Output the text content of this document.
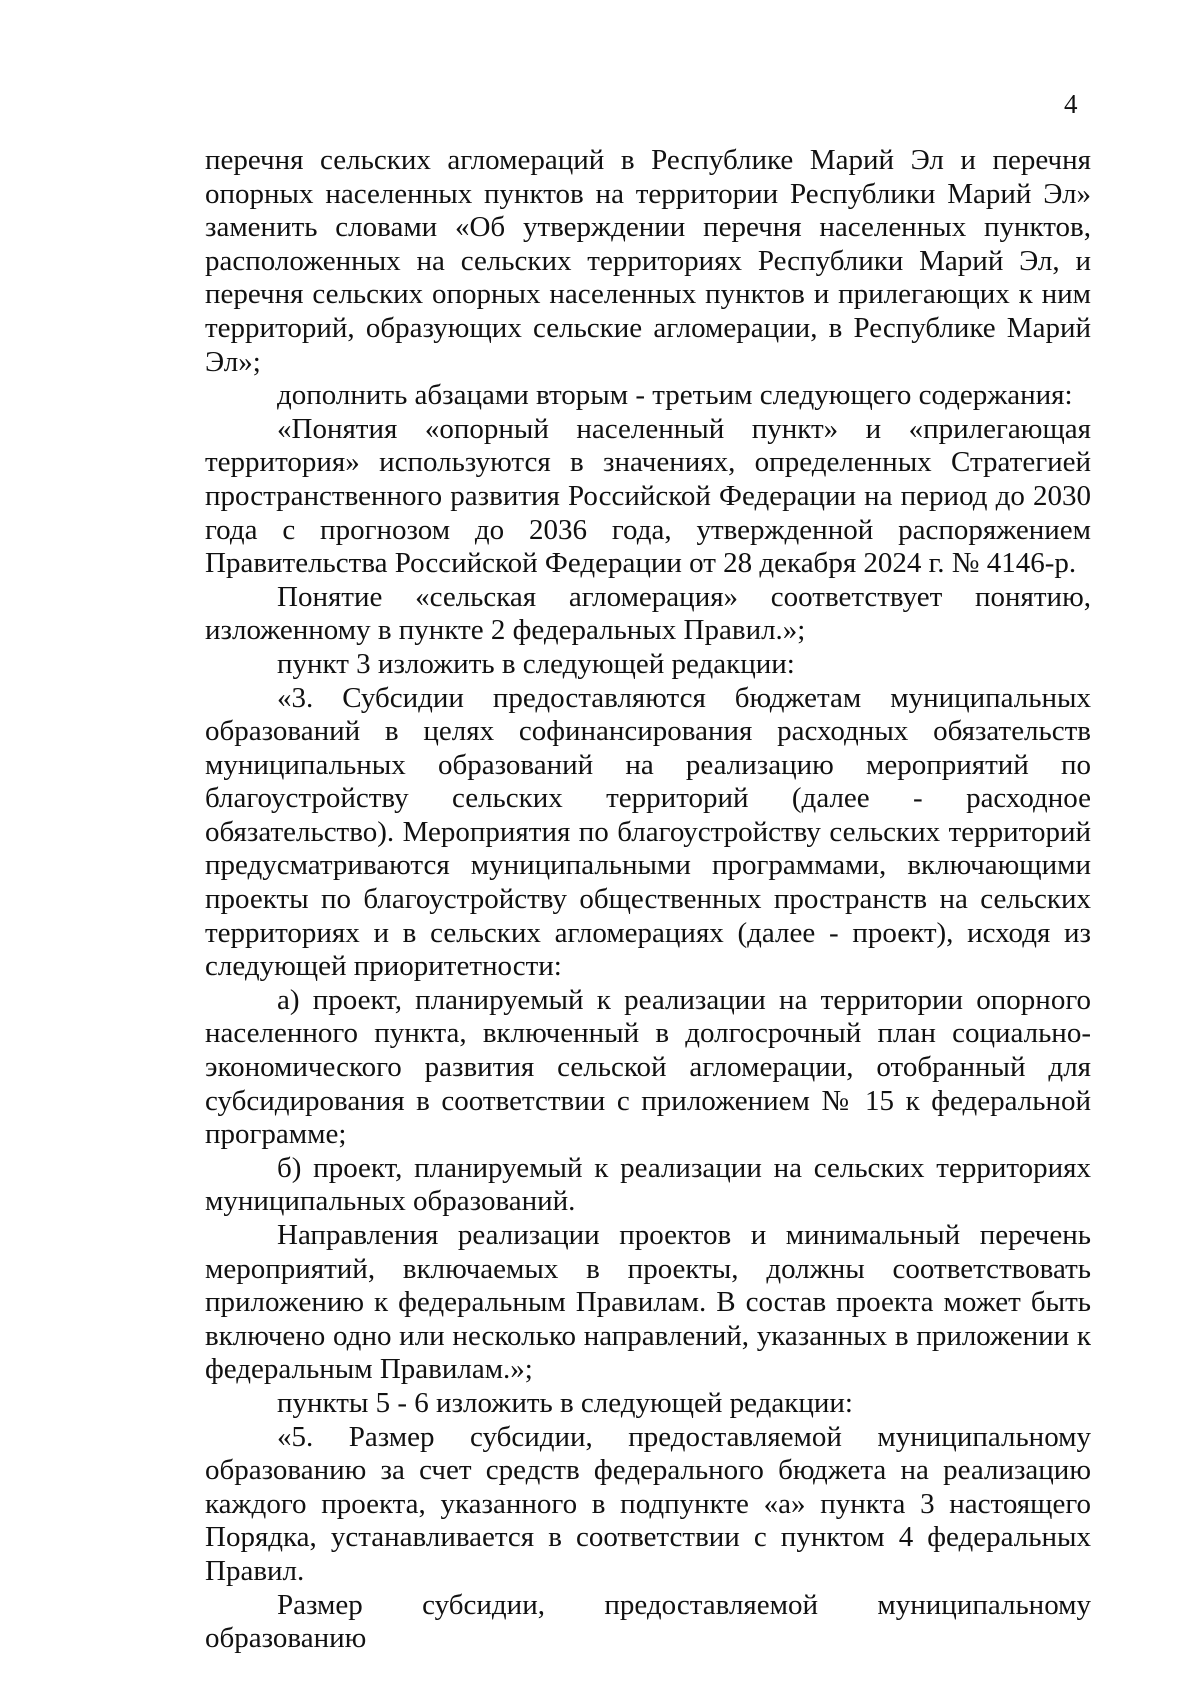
4

перечня сельских агломераций в Республике Марий Эл и перечня опорных населенных пунктов на территории Республики Марий Эл» заменить словами «Об утверждении перечня населенных пунктов, расположенных на сельских территориях Республики Марий Эл, и перечня сельских опорных населенных пунктов и прилегающих к ним территорий, образующих сельские агломерации, в Республике Марий Эл»;

дополнить абзацами вторым - третьим следующего содержания:

«Понятия «опорный населенный пункт» и «прилегающая территория» используются в значениях, определенных Стратегией пространственного развития Российской Федерации на период до 2030 года с прогнозом до 2036 года, утвержденной распоряжением Правительства Российской Федерации от 28 декабря 2024 г. № 4146-р.

Понятие «сельская агломерация» соответствует понятию, изложенному в пункте 2 федеральных Правил.»;

пункт 3 изложить в следующей редакции:

«3. Субсидии предоставляются бюджетам муниципальных образований в целях софинансирования расходных обязательств муниципальных образований на реализацию мероприятий по благоустройству сельских территорий (далее - расходное обязательство). Мероприятия по благоустройству сельских территорий предусматриваются муниципальными программами, включающими проекты по благоустройству общественных пространств на сельских территориях и в сельских агломерациях (далее - проект), исходя из следующей приоритетности:

а) проект, планируемый к реализации на территории опорного населенного пункта, включенный в долгосрочный план социально-экономического развития сельской агломерации, отобранный для субсидирования в соответствии с приложением № 15 к федеральной программе;

б) проект, планируемый к реализации на сельских территориях муниципальных образований.

Направления реализации проектов и минимальный перечень мероприятий, включаемых в проекты, должны соответствовать приложению к федеральным Правилам. В состав проекта может быть включено одно или несколько направлений, указанных в приложении к федеральным Правилам.»;

пункты 5 - 6 изложить в следующей редакции:

«5. Размер субсидии, предоставляемой муниципальному образованию за счет средств федерального бюджета на реализацию каждого проекта, указанного в подпункте «а» пункта 3 настоящего Порядка, устанавливается в соответствии с пунктом 4 федеральных Правил.

Размер субсидии, предоставляемой муниципальному образованию
